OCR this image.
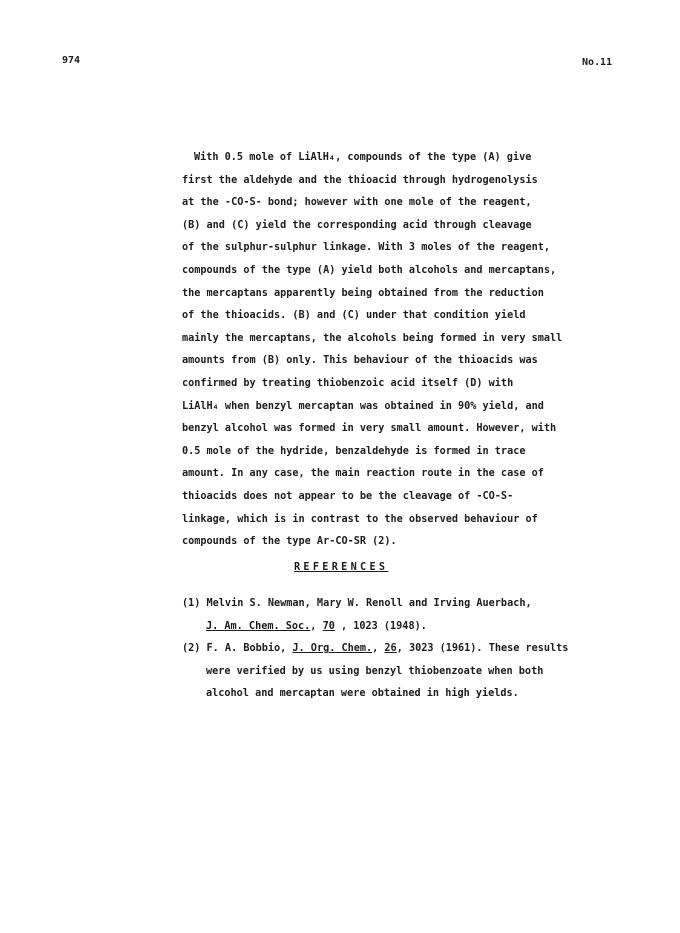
974	No.11
With 0.5 mole of LiAlH₄, compounds of the type (A) give
first the aldehyde and the thioacid through hydrogenolysis
at the -CO-S- bond; however with one mole of the reagent,
(B) and (C) yield the corresponding acid through cleavage
of the sulphur-sulphur linkage. With 3 moles of the reagent,
compounds of the type (A) yield both alcohols and mercaptans,
the mercaptans apparently being obtained from the reduction
of the thioacids. (B) and (C) under that condition yield
mainly the mercaptans, the alcohols being formed in very small
amounts from (B) only. This behaviour of the thioacids was
confirmed by treating thiobenzoic acid itself (D) with
LiAlH₄ when benzyl mercaptan was obtained in 90% yield, and
benzyl alcohol was formed in very small amount. However, with
0.5 mole of the hydride, benzaldehyde is formed in trace
amount. In any case, the main reaction route in the case of
thioacids does not appear to be the cleavage of -CO-S-
linkage, which is in contrast to the observed behaviour of
compounds of the type Ar-CO-SR (2).
REFERENCES
(1) Melvin S. Newman, Mary W. Renoll and Irving Auerbach,
J. Am. Chem. Soc., 70 , 1023 (1948).
(2) F. A. Bobbio, J. Org. Chem., 26, 3023 (1961). These results
were verified by us using benzyl thiobenzoate when both
alcohol and mercaptan were obtained in high yields.
